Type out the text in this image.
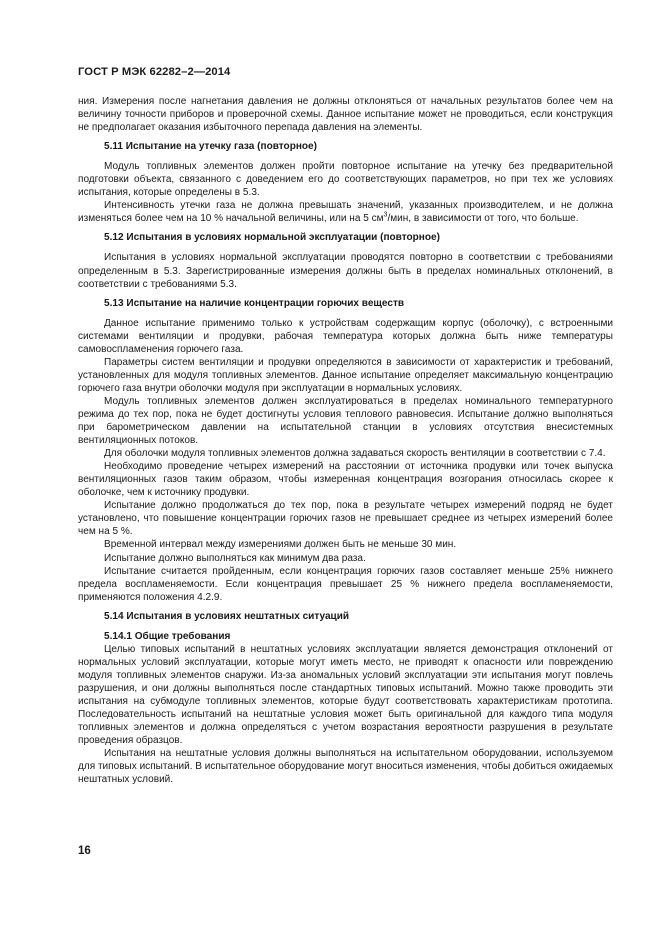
ГОСТ Р МЭК 62282–2—2014

ния. Измерения после нагнетания давления не должны отклоняться от начальных результатов более чем на величину точности приборов и проверочной схемы. Данное испытание может не проводиться, если конструкция не предполагает оказания избыточного перепада давления на элементы.

5.11 Испытание на утечку газа (повторное)

Модуль топливных элементов должен пройти повторное испытание на утечку без предварительной подготовки объекта, связанного с доведением его до соответствующих параметров, но при тех же условиях испытания, которые определены в 5.3.

Интенсивность утечки газа не должна превышать значений, указанных производителем, и не должна изменяться более чем на 10 % начальной величины, или на 5 $см^3$/мин, в зависимости от того, что больше.

5.12 Испытания в условиях нормальной эксплуатации (повторное)

Испытания в условиях нормальной эксплуатации проводятся повторно в соответствии с требованиями определенным в 5.3. Зарегистрированные измерения должны быть в пределах номинальных отклонений, в соответствии с требованиями 5.3.

5.13 Испытание на наличие концентрации горючих веществ

Данное испытание применимо только к устройствам содержащим корпус (оболочку), с встроенными системами вентиляции и продувки, рабочая температура которых должна быть ниже температуры самовоспламенения горючего газа.

Параметры систем вентиляции и продувки определяются в зависимости от характеристик и требований, установленных для модуля топливных элементов. Данное испытание определяет максимальную концентрацию горючего газа внутри оболочки модуля при эксплуатации в нормальных условиях.

Модуль топливных элементов должен эксплуатироваться в пределах номинального температурного режима до тех пор, пока не будет достигнуты условия теплового равновесия. Испытание должно выполняться при барометрическом давлении на испытательной станции в условиях отсутствия внесистемных вентиляционных потоков.

Для оболочки модуля топливных элементов должна задаваться скорость вентиляции в соответствии с 7.4.

Необходимо проведение четырех измерений на расстоянии от источника продувки или точек выпуска вентиляционных газов таким образом, чтобы измеренная концентрация возгорания относилась скорее к оболочке, чем к источнику продувки.

Испытание должно продолжаться до тех пор, пока в результате четырех измерений подряд не будет установлено, что повышение концентрации горючих газов не превышает среднее из четырех измерений более чем на 5 %.

Временной интервал между измерениями должен быть не меньше 30 мин.

Испытание должно выполняться как минимум два раза.

Испытание считается пройденным, если концентрация горючих газов составляет меньше 25% нижнего предела воспламеняемости. Если концентрация превышает 25 % нижнего предела воспламеняемости, применяются положения 4.2.9.

5.14 Испытания в условиях нештатных ситуаций
5.14.1 Общие требования

Целью типовых испытаний в нештатных условиях эксплуатации является демонстрация отклонений от нормальных условий эксплуатации, которые могут иметь место, не приводят к опасности или повреждению модуля топливных элементов снаружи. Из-за аномальных условий эксплуатации эти испытания могут повлечь разрушения, и они должны выполняться после стандартных типовых испытаний. Можно также проводить эти испытания на субмодуле топливных элементов, которые будут соответствовать характеристикам прототипа. Последовательность испытаний на нештатные условия может быть оригинальной для каждого типа модуля топливных элементов и должна определяться с учетом возрастания вероятности разрушения в результате проведения образцов.

Испытания на нештатные условия должны выполняться на испытательном оборудовании, используемом для типовых испытаний. В испытательное оборудование могут вноситься изменения, чтобы добиться ожидаемых нештатных условий.

16
